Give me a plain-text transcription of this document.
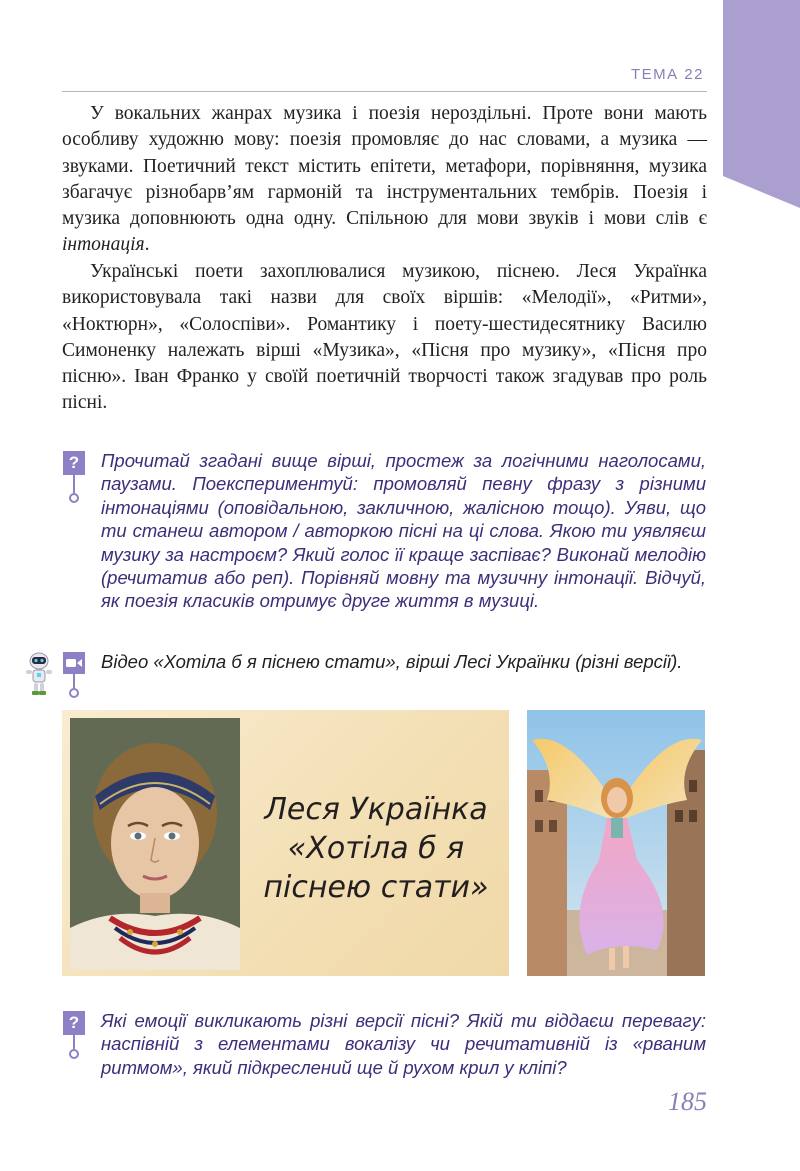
ТЕМА 22

У вокальних жанрах музика і поезія нероздільні. Проте вони мають особливу художню мову: поезія промовляє до нас словами, а музика — звуками. Поетичний текст містить епітети, метафори, порівняння, музика збагачує різнобарв’ям гармоній та інструментальних тембрів. Поезія і музика доповнюють одна одну. Спільною для мови звуків і мови слів є інтонація.

Українські поети захоплювалися музикою, піснею. Леся Українка використовувала такі назви для своїх віршів: «Мелодії», «Ритми», «Ноктюрн», «Солоспіви». Романтику і поету-шестидесятнику Василю Симоненку належать вірші «Музика», «Пісня про музику», «Пісня про пісню». Іван Франко у своїй поетичній творчості також згадував про роль пісні.

?	Прочитай згадані вище вірші, простеж за логічними наголосами, паузами. Поекспериментуй: промовляй певну фразу з різними інтонаціями (оповідальною, закличною, жалісною тощо). Уяви, що ти станеш автором / авторкою пісні на ці слова. Якою ти уявляєш музику за настроєм? Який голос її краще заспіває? Виконай мелодію (речитатив або реп). Порівняй мовну та музичну інтонації. Відчуй, як поезія класиків отримує друге життя в музиці.

Відео «Хотіла б я піснею стати», вірші Лесі Українки (різні версії).

Леся Українка
«Хотіла б я
піснею стати»
?	Які емоції викликають різні версії пісні? Якій ти віддаєш перевагу: наспівній з елементами вокалізу чи речитативній із «рваним ритмом», який підкреслений ще й рухом крил у кліпі?

185
